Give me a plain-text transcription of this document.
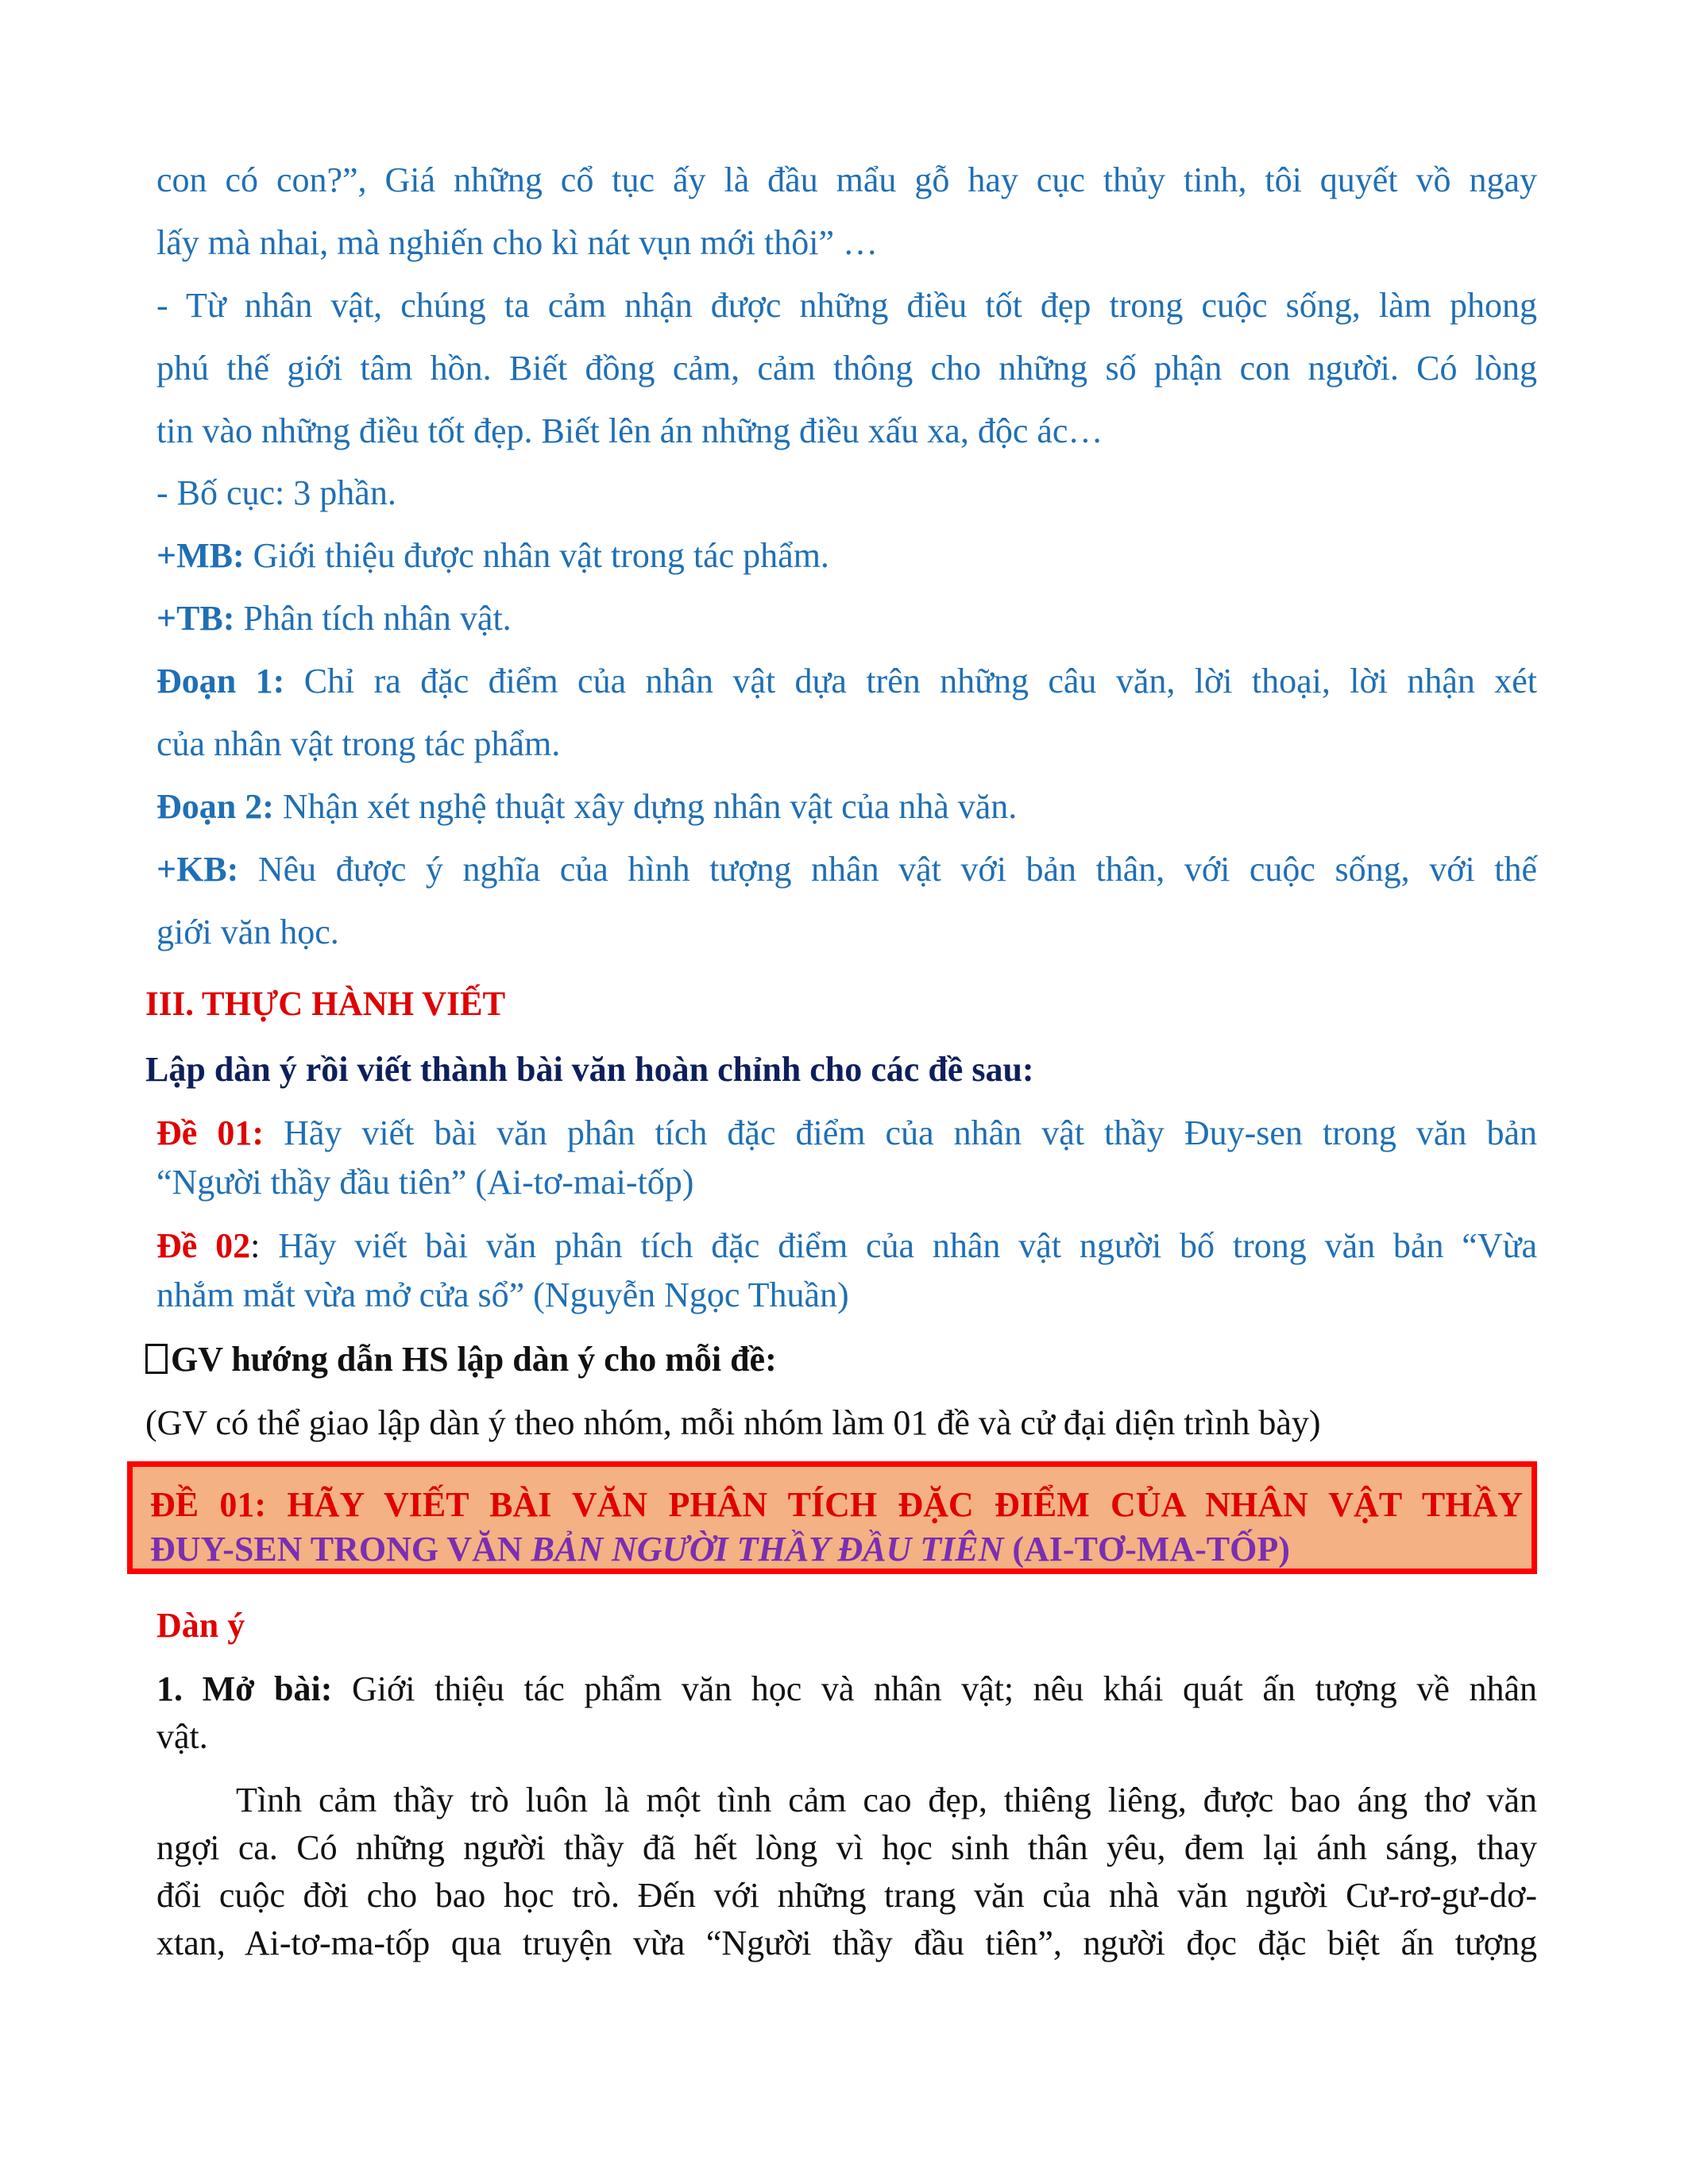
con có con?”, Giá những cổ tục ấy là đầu mẩu gỗ hay cục thủy tinh, tôi quyết vồ ngay
lấy mà nhai, mà nghiến cho kì nát vụn mới thôi” …
- Từ nhân vật, chúng ta cảm nhận được những điều tốt đẹp trong cuộc sống, làm phong
phú thế giới tâm hồn. Biết đồng cảm, cảm thông cho những số phận con người. Có lòng
tin vào những điều tốt đẹp. Biết lên án những điều xấu xa, độc ác…
- Bố cục: 3 phần.
+MB: Giới thiệu được nhân vật trong tác phẩm.
+TB: Phân tích nhân vật.
Đoạn 1: Chỉ ra đặc điểm của nhân vật dựa trên những câu văn, lời thoại, lời nhận xét
của nhân vật trong tác phẩm.
Đoạn 2: Nhận xét nghệ thuật xây dựng nhân vật của nhà văn.
+KB: Nêu được ý nghĩa của hình tượng nhân vật với bản thân, với cuộc sống, với thế
giới văn học.
III. THỰC HÀNH VIẾT
Lập dàn ý rồi viết thành bài văn hoàn chỉnh cho các đề sau:
Đề 01: Hãy viết bài văn phân tích đặc điểm của nhân vật thầy Đuy-sen trong văn bản
“Người thầy đầu tiên” (Ai-tơ-mai-tốp)
Đề 02: Hãy viết bài văn phân tích đặc điểm của nhân vật người bố trong văn bản “Vừa
nhắm mắt vừa mở cửa sổ” (Nguyễn Ngọc Thuần)
GV hướng dẫn HS lập dàn ý cho mỗi đề:
(GV có thể giao lập dàn ý theo nhóm, mỗi nhóm làm 01 đề và cử đại diện trình bày)
ĐỀ 01: HÃY VIẾT BÀI VĂN PHÂN TÍCH ĐẶC ĐIỂM CỦA NHÂN VẬT THẦY
ĐUY-SEN TRONG VĂN BẢN NGƯỜI THẦY ĐẦU TIÊN (AI-TƠ-MA-TỐP)
Dàn ý
1. Mở bài: Giới thiệu tác phẩm văn học và nhân vật; nêu khái quát ấn tượng về nhân
vật.
Tình cảm thầy trò luôn là một tình cảm cao đẹp, thiêng liêng, được bao áng thơ văn
ngợi ca. Có những người thầy đã hết lòng vì học sinh thân yêu, đem lại ánh sáng, thay
đổi cuộc đời cho bao học trò. Đến với những trang văn của nhà văn người Cư-rơ-gư-dơ-
xtan, Ai-tơ-ma-tốp qua truyện vừa “Người thầy đầu tiên”, người đọc đặc biệt ấn tượng
